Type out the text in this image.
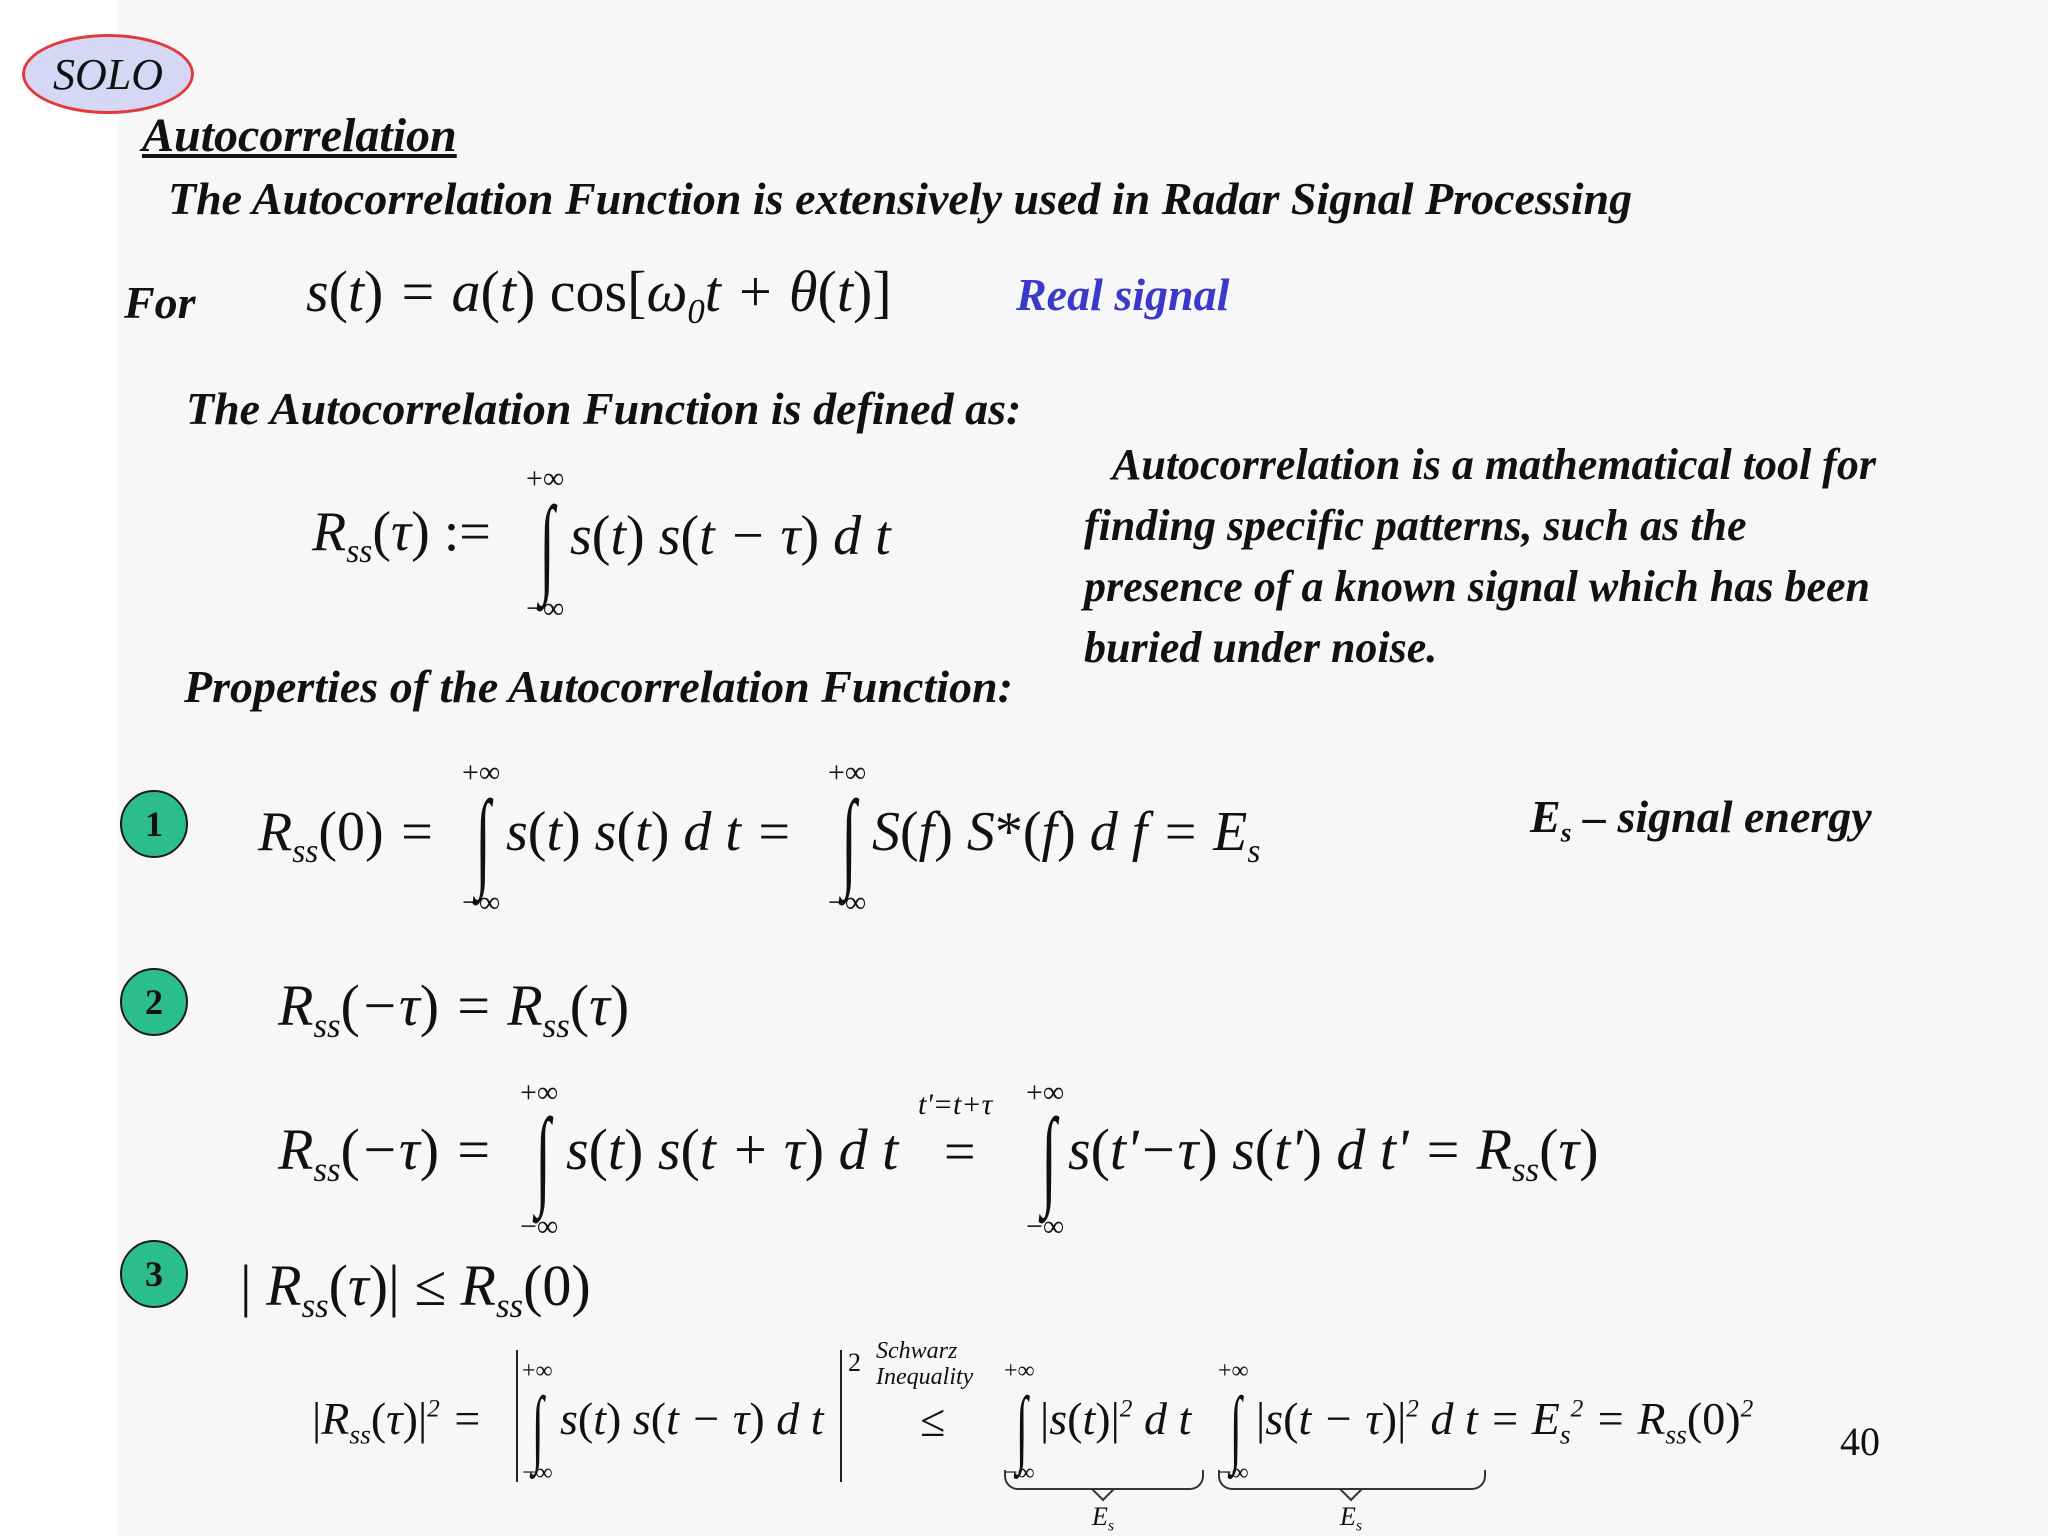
SOLO
Autocorrelation
The Autocorrelation Function is extensively used in Radar Signal Processing
For s(t) = a(t) $\cos[\omega_0t + \theta(t)]$	Real signal
The Autocorrelation Function is defined as:
$R_{ss}(\tau)$ :=
+∞
∫
−∞
s(t) s(t − τ) d t
Autocorrelation is a mathematical tool for
finding specific patterns, such as the
presence of a known signal which has been
buried under noise.
Properties of the Autocorrelation Function:
1	$R_{ss}(0)$ =
+∞
∫
−∞
s(t) s(t) d t =
+∞
∫
−∞
S(f) S*(f) d $f = E_s$
$E_s$ – signal energy
2	$R_{ss}(-\tau) = R_{ss}(\tau)$
$R_{ss}(-\tau)$ =
+∞
∫
−∞
s(t) s(t + τ) d t
t'=t+τ
=
+∞
∫
−∞
s(t'−τ) s(t') d $t' = R_{ss}(\tau)$
3	| $R_{ss}(\tau)| \le R_{ss}(0)$
$|R_{ss}(\tau)|^2$ =
+∞
∫
−∞
s(t) s(t − τ) d t
2 Schwarz
Inequality
≤
+∞
∫
−∞
$|s(t)|^2$ d t
+∞
∫
−∞
$|s(t - \tau)|^2$ d $t = E_s^2 = R_{ss}(0)^2$
$E_s$	$E_s$
40
